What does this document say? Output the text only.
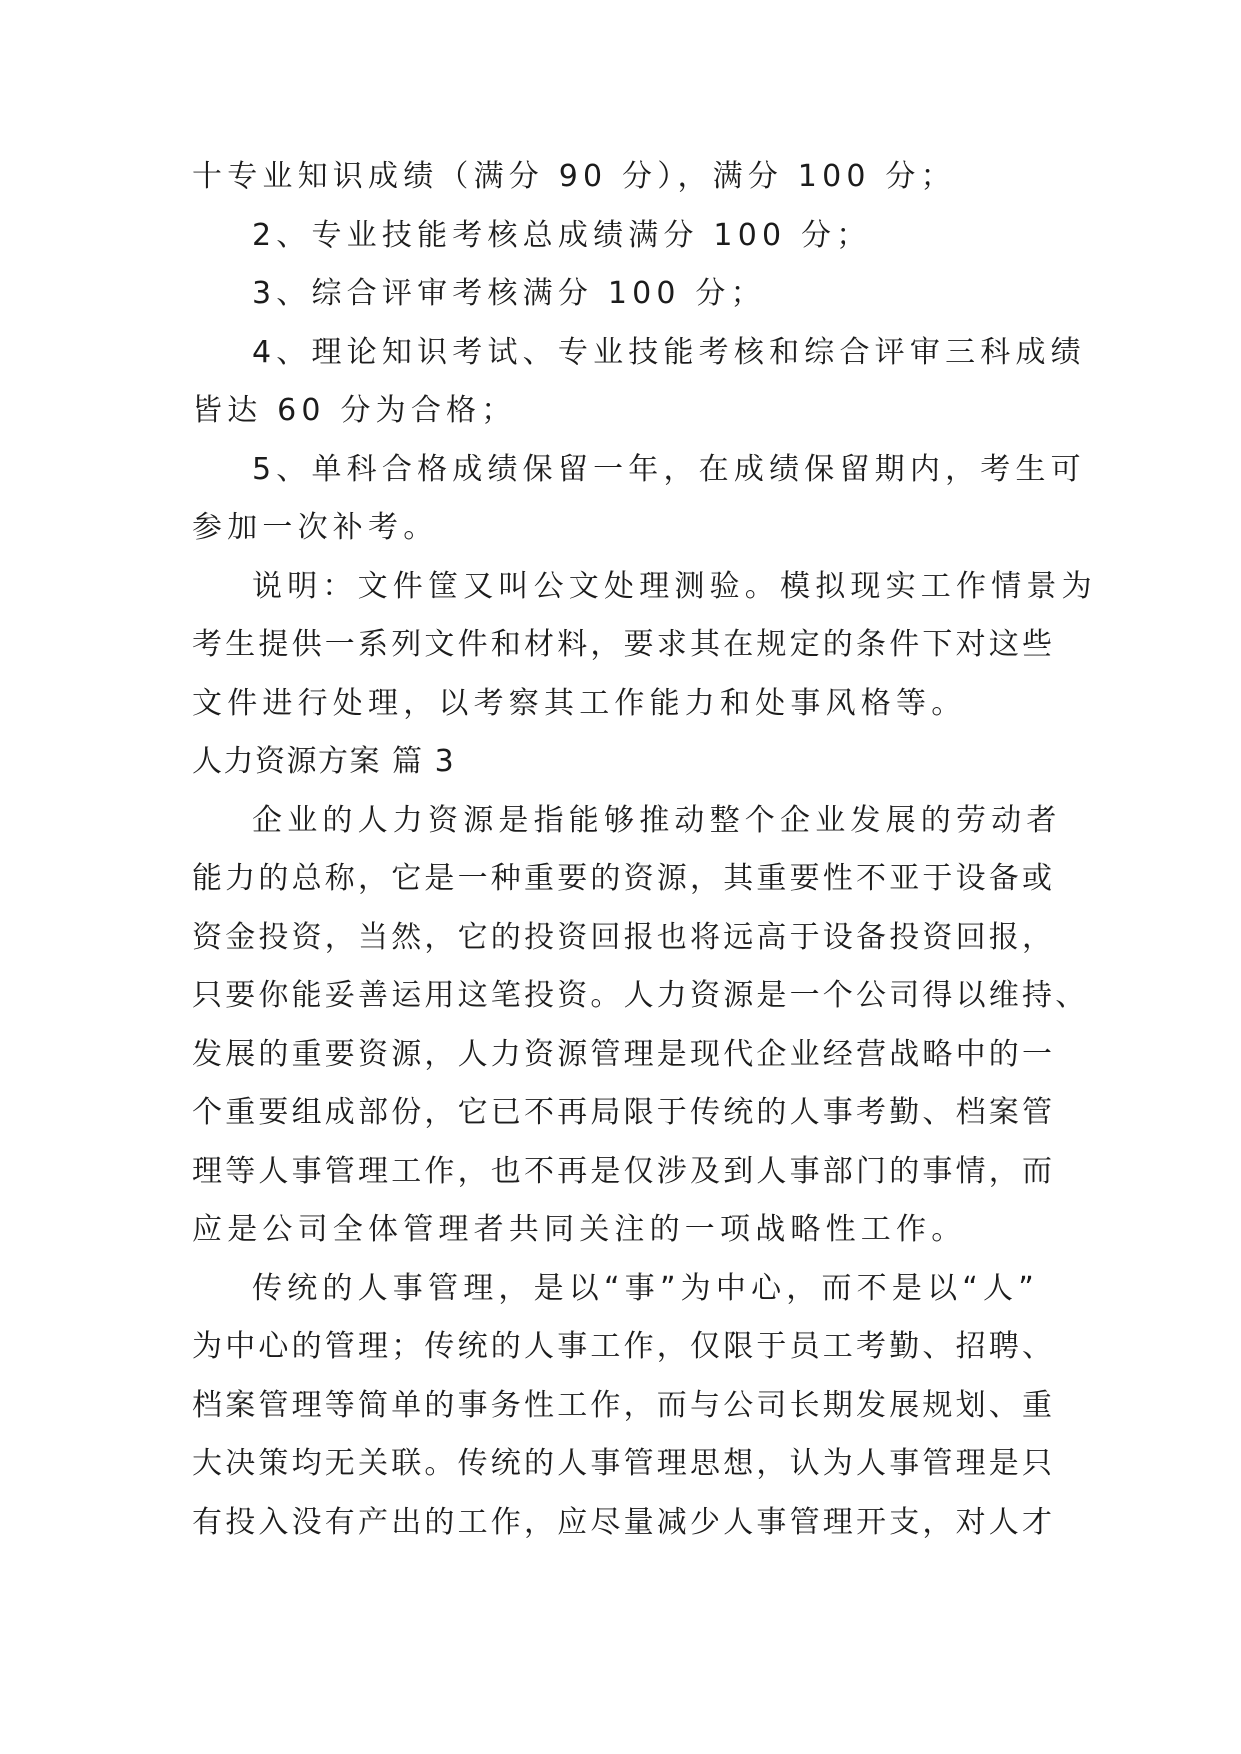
十专业知识成绩（满分 90 分），满分 100 分；
2、专业技能考核总成绩满分 100 分；
3、综合评审考核满分 100 分；
4、理论知识考试、专业技能考核和综合评审三科成绩
皆达 60 分为合格；
5、单科合格成绩保留一年，在成绩保留期内，考生可
参加一次补考。
说明：文件筐又叫公文处理测验。模拟现实工作情景为
考生提供一系列文件和材料，要求其在规定的条件下对这些
文件进行处理，以考察其工作能力和处事风格等。
人力资源方案 篇 3
企业的人力资源是指能够推动整个企业发展的劳动者
能力的总称，它是一种重要的资源，其重要性不亚于设备或
资金投资，当然，它的投资回报也将远高于设备投资回报，
只要你能妥善运用这笔投资。人力资源是一个公司得以维持、
发展的重要资源，人力资源管理是现代企业经营战略中的一
个重要组成部份，它已不再局限于传统的人事考勤、档案管
理等人事管理工作，也不再是仅涉及到人事部门的事情，而
应是公司全体管理者共同关注的一项战略性工作。
传统的人事管理，是以“事”为中心，而不是以“人”
为中心的管理；传统的人事工作，仅限于员工考勤、招聘、
档案管理等简单的事务性工作，而与公司长期发展规划、重
大决策均无关联。传统的人事管理思想，认为人事管理是只
有投入没有产出的工作，应尽量减少人事管理开支，对人才
